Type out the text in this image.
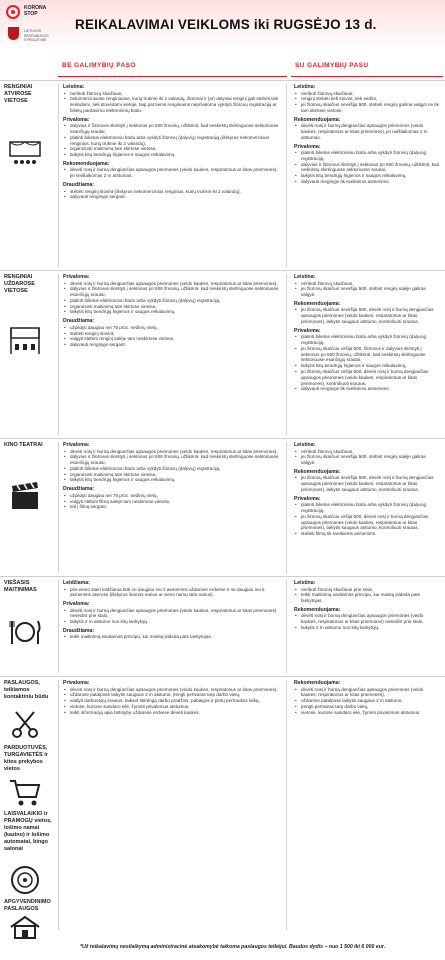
KORONA
STOP
LIETUVOS RESPUBLIKOS VYRIAUSYBĖ
REIKALAVIMAI VEIKLOMS iki RUGSĖJO 13 d.
BE GALIMYBIŲ PASO	SU GALIMYBIŲ PASU
RENGINIAI ATVIROSE VIETOSE
Leistina:
• neriboti žiūrovų skaičiaus,
• nekomerciniuose renginiuose, kurių trukmė iki 2 valandų, žiūrovai ir (ar) dalyviai renginį gali stebėti tiek sėdėdami, tiek stovėdami vietoje, taip pat tiems renginiams neprivaloma vykdyti žiūrovų registraciją ar bilietų pardavimo elektroninių būdu.
Privaloma:
• dalyvius ir žiūrovus skirstyti į sektorius po 500 žmonių, užtikrinti, kad neskirstų skirtinguose sektoriuose esančiųjų srautai,
• platinti bilietus elektroniniu būdu arba vykdyti žiūrovų (dalyvių) registraciją (išskyrus nekomercinius renginius, kurių trukmė iki 2 valandų),
• organizuoti maitinimą tam skirtose vietose,
• laikytis kitų bendrųjų higienos ir saugos reikalavimų.
Rekomenduojama:
• dėvėti nosį ir burną dengiančias apsaugos priemones (veido kaukes, respiratorius ar kitas priemones), jei neišlaikomas 2 m atstumas.
Draudžiama:
• stebėti renginį stovint (išskyrus nekomercinius renginius, kurių trukmė iki 2 valandų),
• dalyvauti renginyje sergant.
Leistina:
• neriboti žiūrovų skaičiaus,
• renginį stebėti tiek stovint, tiek sėdint,
• jei žiūrovų skaičius neviršija 500, stebėti renginį galima valgyti ne tik tam skirtose vietose.
Rekomenduojama:
• dėvėti nosį ir burną dengiančias apsaugos priemones (veido kaukes, respiratorius ar kitas priemones), jei neišlaikomas 2 m atstumas.
Privaloma:
• platinti bilietus elektroniniu būdu arba vykdyti žiūrovų (dalyvių) registraciją,
• dalyvius ir žiūrovus skirstyti į sektorius po 500 žmonių, užtikrinti, kad neskirstų skirtinguose sektoriuose srautai,
• laikytis kitų bendrųjų higienos ir saugos reikalavimų,
• dalyvauti renginyje tik sveikiems asmenims.
RENGINIAI UŽDAROSE VIETOSE
Privaloma:
• dėvėti nosį ir burną dengiančias apsaugos priemones (veido kaukes, respiratorius ar kitas priemones),
• dalyvius ir žiūrovus skirstyti į sektorius po 500 žmonių, užtikrinti, kad neskirstų skirtinguose sektoriuose esančiųjų srautai,
• platinti bilietus elektroniniu būdu arba vykdyti žiūrovų (dalyvių) registraciją,
• organizuoti maitinimą tam skirtose vietose,
• laikytis kitų bendrųjų higienos ir saugos reikalavimų.
Draudžiama:
• užpildyti daugiau nei 75 proc. sėdimų vietų,
• stebėti renginį stovint,
• valgyti stebint renginį salėje tam neskirtose vietose,
• dalyvauti renginyje sergant.
Leistina:
• neriboti žiūrovų skaičiaus,
• jei žiūrovų skaičius neviršija 500, stebint renginį salėje galima valgyti.
Rekomenduojama:
• jei žiūrovų skaičius neviršija 500, dėvėti nosį ir burną dengiančias apsaugos priemones (veido kaukes, respiratorius ar kitas priemones), laikytis saugaus atstumo, kontroliuoti srautus.
Privaloma:
• platinti bilietus elektroniniu būdu arba vykdyti žiūrovų (dalyvių) registraciją,
• jei žiūrovų skaičius viršija 500, žiūrovus ir dalyvius skirstyti į sektorius po 500 žmonių, užtikrinti, kad neskirstų skirtinguose sektoriuose esančiųjų srautai,
• laikytis kitų bendrųjų higienos ir saugos reikalavimų,
• jei žiūrovų skaičius viršija 500, dėvėti nosį ir burną dengiančias apsaugos priemones (veido kaukes, respiratorius ar kitas priemones), kontroliuoti srautus,
• dalyvauti renginyje tik sveikiems asmenims.
KINO TEATRAI	Privaloma:
• dėvėti nosį ir burną dengiančias apsaugos priemones (veido kaukes, respiratorius ar kitas priemones),
• dalyvius ir žiūrovus skirstyti į sektorius po 500 žmonių, užtikrinti, kad neskirstų skirtinguose sektoriuose esančiųjų srautai,
• platinti bilietus elektroniniu būdu arba vykdyti žiūrovų (dalyvių) registraciją,
• organizuoti maitinimą tam skirtose vietose,
• laikytis kitų bendrųjų higienos ir saugos reikalavimų.
Draudžiama:
• užpildyti daugiau nei 75 proc. sėdimų vietų,
• valgyti stebint filmą salėje tam neskirtose vietose,
• eiti į filmą sergant.
Leistina:
• neriboti žiūrovų skaičiaus,
• jei žiūrovų skaičius neviršija 500, stebint renginį salėje galima valgyti.
Rekomenduojama:
• jei žiūrovų skaičius neviršija 500, dėvėti nosį ir burną dengiančias apsaugos priemones (veido kaukes, respiratorius ar kitas priemones), laikytis saugaus atstumo, kontroliuoti srautus.
Privaloma:
• platinti bilietus elektroniniu būdu arba vykdyti žiūrovų (dalyvių) registraciją,
• jei žiūrovų skaičius viršija 500, dėvėti nosį ir burną dengiančias apsaugos priemones (veido kaukes, respiratorius ar kitas priemones), laikytis saugaus atstumo, kontroliuoti srautus,
• stebėti filmą tik sveikiems asmenims.
VIEŠASIS MAITINIMAS
Leidžiama:
• prie vieno stalo leidžiama būti ne daugiau nei 2 asmenims uždarose erdvėse ir ne daugiau nei 5 asmenims atvirose (išskyrus šeimos narius ar vieno namų ūkio narius).
Privaloma:
• dėvėti nosį ir burną dengiančias apsaugos priemones (veido kaukes, respiratorius ar kitas priemones) nesėdint prie stalo,
• laikytis 2 m atstumo nuo kitų lankytojų.
Draudžiama:
• teikti maitinimą savitarnos principu, kai maistą įsideda pats lankytojas.
Leistina:
• neriboti žmonių skaičiaus prie stalo,
• teikti maitinimą savitarnos principu, kai maistą įsideda pats lankytojas.
Rekomenduojama:
• dėvėti nosį ir burną dengiančias apsaugos priemones (veido kaukes, respiratorius ar kitas priemones) nesėdint prie stalo,
• laikytis 2 m atstumo nuo kitų lankytojų.
PASLAUGOS, teikiamos kontaktiniu būdu
PARDUOTUVĖS, TURGAVIETĖS ir kitos prekybos vietos
LAISVALAIKIO ir PRAMOGŲ vietos, lošimo namai (kazino) ir lošimo automatai, bingo salonai
APGYVENDINIMO PASLAUGOS
Privaloma:
• dėvėti nosį ir burną dengiančias apsaugos priemones (veido kaukes, respiratorius ar kitas priemones),
• uždarose patalpose laikytis saugaus 2 m atstumo, įrengti pertvaras tarp darbo vietų,
• valdyti darbuotojų srautus, taikant skirtingą darbo pradžios, pabaigos ir pietų pertraukos laiką,
• vietose, kuriose susidaro eilė, žymėti privalomus atstumus,
• teikti informaciją apie būtinybę uždarose erdvėse dėvėti kaukes.
Rekomenduojama:
• dėvėti nosį ir burną dengiančias apsaugos priemones (veido kaukes, respiratorius ar kitas priemones),
• uždarose patalpose laikytis saugaus 2 m atstumo,
• įrengti pertvaras tarp darbo vietų,
• vietose, kuriose susidaro eilė, žymėti privalomus atstumus.
*Už reikalavimų nesilaikymą administracinė atsakomybė taikoma paslaugos teikėjui. Baudos dydis – nuo 1 500 iki 6 000 eur.
